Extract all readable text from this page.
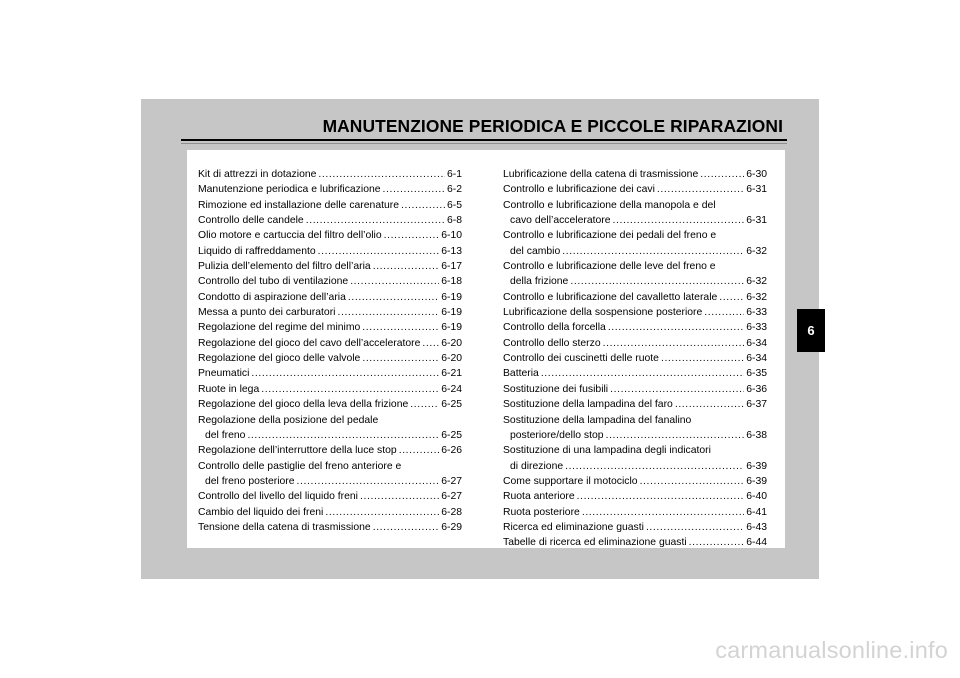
MANUTENZIONE PERIODICA E PICCOLE RIPARAZIONI
Kit di attrezzi in dotazione .....	6-1
Manutenzione periodica e lubrificazione .....	6-2
Rimozione ed installazione delle carenature .....	6-5
Controllo delle candele .....	6-8
Olio motore e cartuccia del filtro dell’olio .....	6-10
Liquido di raffreddamento .....	6-13
Pulizia dell’elemento del filtro dell’aria .....	6-17
Controllo del tubo di ventilazione .....	6-18
Condotto di aspirazione dell’aria .....	6-19
Messa a punto dei carburatori .....	6-19
Regolazione del regime del minimo .....	6-19
Regolazione del gioco del cavo dell’acceleratore ..... 6-20
Regolazione del gioco delle valvole .....	6-20
Pneumatici .....	6-21
Ruote in lega .....	6-24
Regolazione del gioco della leva della frizione .....	6-25
Regolazione della posizione del pedale
del freno .....	6-25
Regolazione dell’interruttore della luce stop .....	6-26
Controllo delle pastiglie del freno anteriore e
del freno posteriore .....	6-27
Controllo del livello del liquido freni .....	6-27
Cambio del liquido dei freni .....	6-28
Tensione della catena di trasmissione .....	6-29
Lubrificazione della catena di trasmissione .....	6-30
Controllo e lubrificazione dei cavi .....	6-31
Controllo e lubrificazione della manopola e del
cavo dell’acceleratore .....	6-31
Controllo e lubrificazione dei pedali del freno e
del cambio .....	6-32
Controllo e lubrificazione delle leve del freno e
della frizione .....	6-32
Controllo e lubrificazione del cavalletto laterale .....	6-32
Lubrificazione della sospensione posteriore .....	6-33
Controllo della forcella .....	6-33
Controllo dello sterzo .....	6-34
Controllo dei cuscinetti delle ruote .....	6-34
Batteria .....	6-35
Sostituzione dei fusibili .....	6-36
Sostituzione della lampadina del faro .....	6-37
Sostituzione della lampadina del fanalino
posteriore/dello stop .....	6-38
Sostituzione di una lampadina degli indicatori
di direzione .....	6-39
Come supportare il motociclo .....	6-39
Ruota anteriore .....	6-40
Ruota posteriore .....	6-41
Ricerca ed eliminazione guasti .....	6-43
Tabelle di ricerca ed eliminazione guasti .....	6-44
6
carmanualsonline.info
